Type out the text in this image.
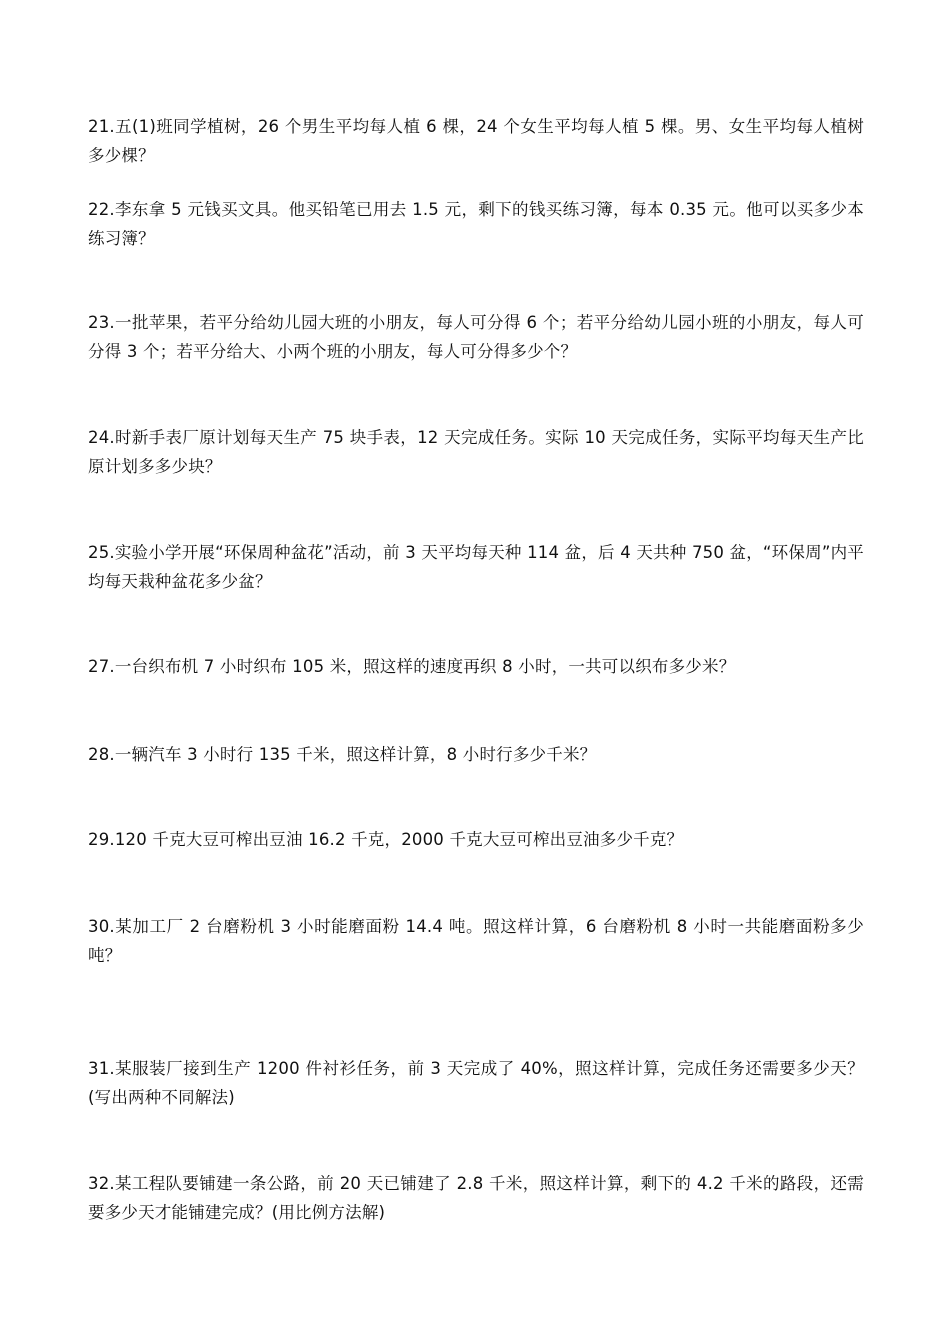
21.五(1)班同学植树，26 个男生平均每人植 6 棵，24 个女生平均每人植 5 棵。男、女生平均每人植树多少棵？

22.李东拿 5 元钱买文具。他买铅笔已用去 1.5 元，剩下的钱买练习簿，每本 0.35 元。他可以买多少本练习簿？

23.一批苹果，若平分给幼儿园大班的小朋友，每人可分得 6 个；若平分给幼儿园小班的小朋友，每人可分得 3 个；若平分给大、小两个班的小朋友，每人可分得多少个？

24.时新手表厂原计划每天生产 75 块手表，12 天完成任务。实际 10 天完成任务，实际平均每天生产比原计划多多少块？

25.实验小学开展“环保周种盆花”活动，前 3 天平均每天种 114 盆，后 4 天共种 750 盆，“环保周”内平均每天栽种盆花多少盆？

27.一台织布机 7 小时织布 105 米，照这样的速度再织 8 小时，一共可以织布多少米？

28.一辆汽车 3 小时行 135 千米，照这样计算，8 小时行多少千米？

29.120 千克大豆可榨出豆油 16.2 千克，2000 千克大豆可榨出豆油多少千克？

30.某加工厂 2 台磨粉机 3 小时能磨面粉 14.4 吨。照这样计算，6 台磨粉机 8 小时一共能磨面粉多少吨？

31.某服装厂接到生产 1200 件衬衫任务，前 3 天完成了 40%，照这样计算，完成任务还需要多少天？(写出两种不同解法)

32.某工程队要铺建一条公路，前 20 天已铺建了 2.8 千米，照这样计算，剩下的 4.2 千米的路段，还需要多少天才能铺建完成？(用比例方法解)
